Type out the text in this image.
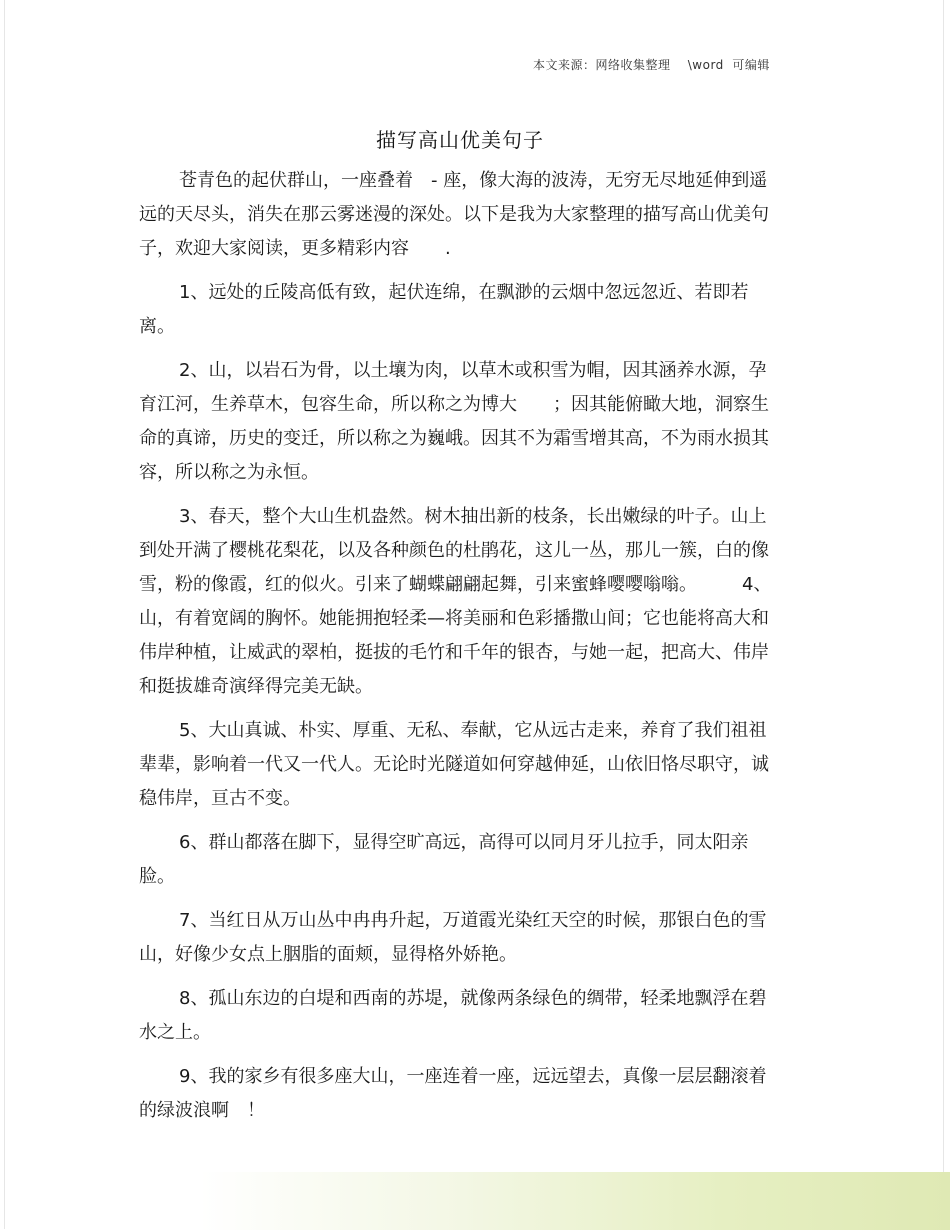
本文来源：网络收集整理    \word  可编辑
描写高山优美句子

苍青色的起伏群山，一座叠着　- 座，像大海的波涛，无穷无尽地延伸到遥远的天尽头，消失在那云雾迷漫的深处。以下是我为大家整理的描写高山优美句子，欢迎大家阅读，更多精彩内容　　.

1、远处的丘陵高低有致，起伏连绵，在飘渺的云烟中忽远忽近、若即若离。

2、山，以岩石为骨，以土壤为肉，以草木或积雪为帽，因其涵养水源，孕育江河，生养草木，包容生命，所以称之为博大　　；因其能俯瞰大地，洞察生命的真谛，历史的变迁，所以称之为巍峨。因其不为霜雪增其高，不为雨水损其容，所以称之为永恒。

3、春天，整个大山生机盎然。树木抽出新的枝条，长出嫩绿的叶子。山上到处开满了樱桃花梨花，以及各种颜色的杜鹃花，这儿一丛，那儿一簇，白的像雪，粉的像霞，红的似火。引来了蝴蝶翩翩起舞，引来蜜蜂嘤嘤嗡嗡。　　　4、山，有着宽阔的胸怀。她能拥抱轻柔—将美丽和色彩播撒山间；它也能将高大和伟岸种植，让威武的翠柏，挺拔的毛竹和千年的银杏，与她一起，把高大、伟岸和挺拔雄奇演绎得完美无缺。

5、大山真诚、朴实、厚重、无私、奉献，它从远古走来，养育了我们祖祖辈辈，影响着一代又一代人。无论时光隧道如何穿越伸延，山依旧恪尽职守，诚稳伟岸，亘古不变。

6、群山都落在脚下，显得空旷高远，高得可以同月牙儿拉手，同太阳亲脸。

7、当红日从万山丛中冉冉升起，万道霞光染红天空的时候，那银白色的雪山，好像少女点上胭脂的面颊，显得格外娇艳。

8、孤山东边的白堤和西南的苏堤，就像两条绿色的绸带，轻柔地飘浮在碧水之上。

9、我的家乡有很多座大山，一座连着一座，远远望去，真像一层层翻滚着的绿波浪啊　！
